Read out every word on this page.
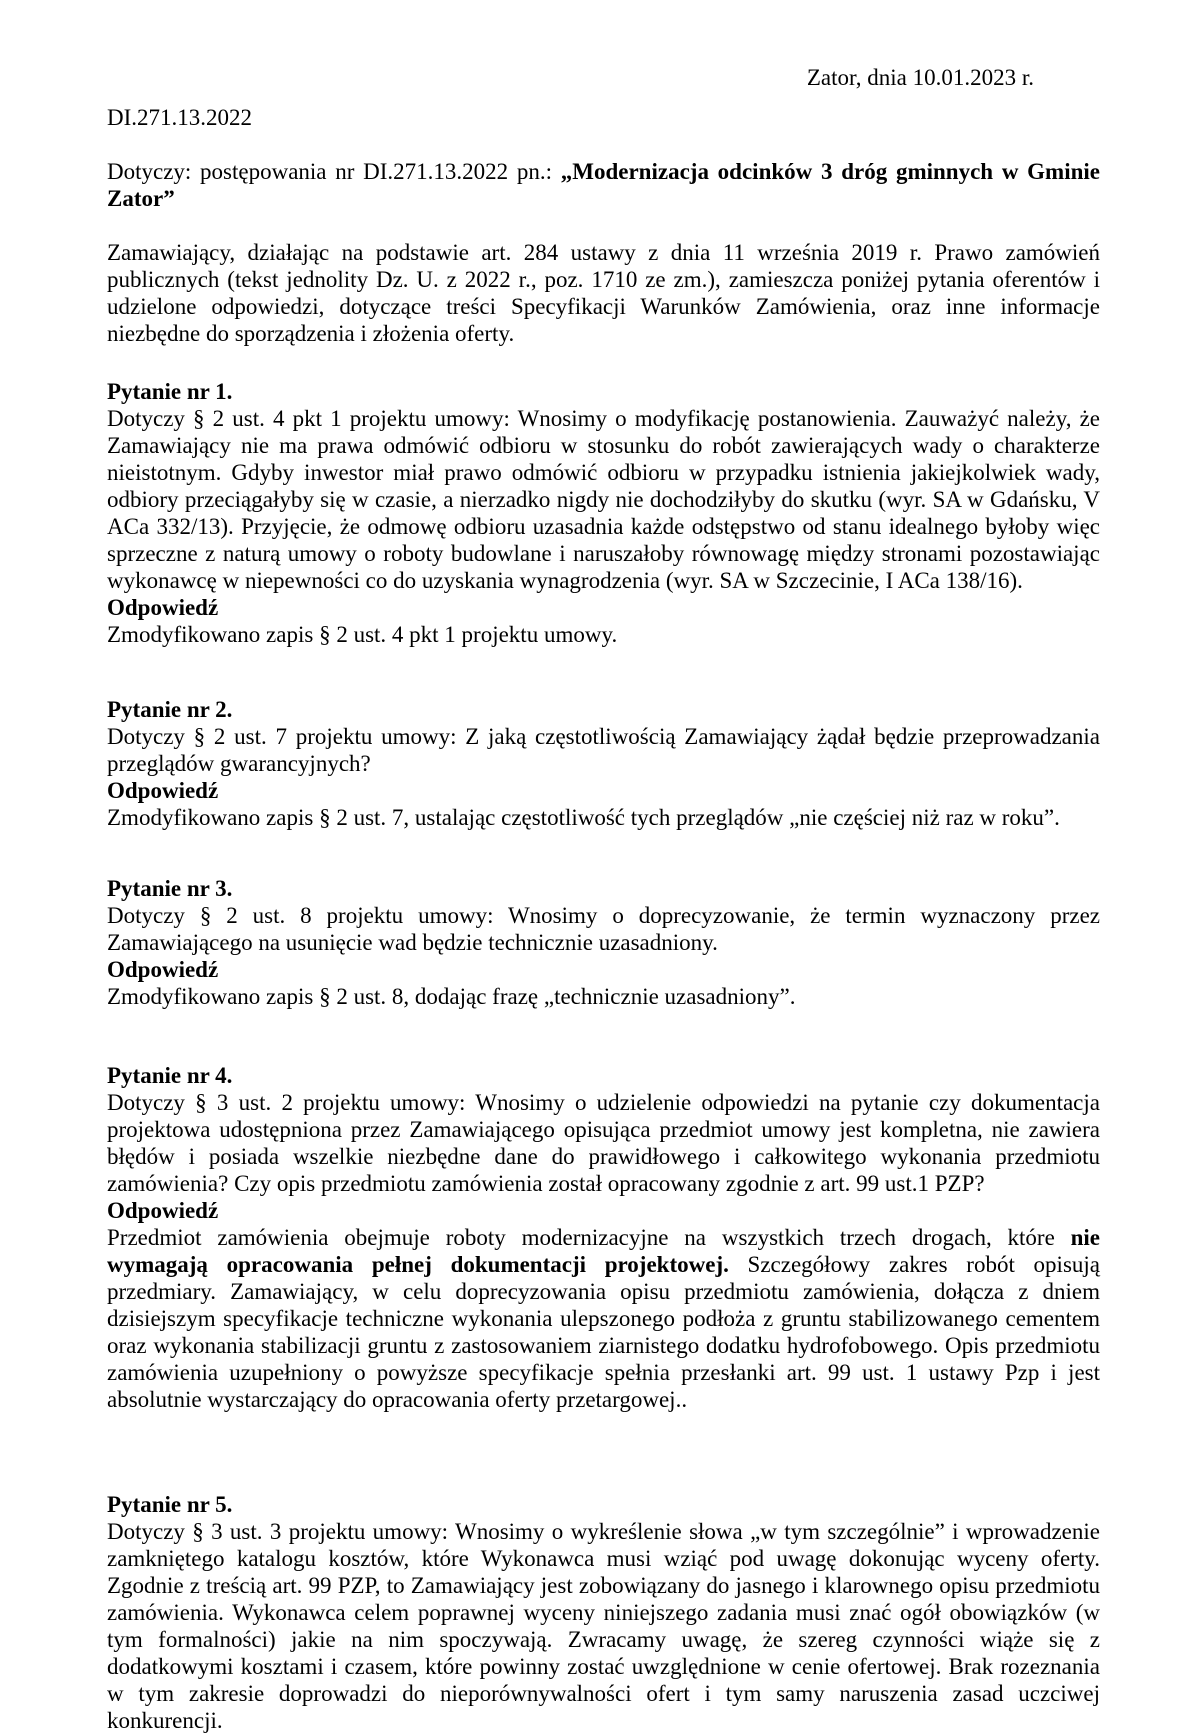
Zator, dnia 10.01.2023 r.

DI.271.13.2022

Dotyczy: postępowania nr DI.271.13.2022 pn.: „Modernizacja odcinków 3 dróg gminnych w Gminie Zator”

Zamawiający, działając na podstawie art. 284 ustawy z dnia 11 września 2019 r. Prawo zamówień publicznych (tekst jednolity Dz. U. z 2022 r., poz. 1710 ze zm.), zamieszcza poniżej pytania oferentów i udzielone odpowiedzi, dotyczące treści Specyfikacji Warunków Zamówienia, oraz inne informacje niezbędne do sporządzenia i złożenia oferty.

Pytanie nr 1.

Dotyczy § 2 ust. 4 pkt 1 projektu umowy: Wnosimy o modyfikację postanowienia. Zauważyć należy, że Zamawiający nie ma prawa odmówić odbioru w stosunku do robót zawierających wady o charakterze nieistotnym. Gdyby inwestor miał prawo odmówić odbioru w przypadku istnienia jakiejkolwiek wady, odbiory przeciągałyby się w czasie, a nierzadko nigdy nie dochodziłyby do skutku (wyr. SA w Gdańsku, V ACa 332/13). Przyjęcie, że odmowę odbioru uzasadnia każde odstępstwo od stanu idealnego byłoby więc sprzeczne z naturą umowy o roboty budowlane i naruszałoby równowagę między stronami pozostawiając wykonawcę w niepewności co do uzyskania wynagrodzenia (wyr. SA w Szczecinie, I ACa 138/16).

Odpowiedź

Zmodyfikowano zapis § 2 ust. 4 pkt 1 projektu umowy.

Pytanie nr 2.

Dotyczy § 2 ust. 7 projektu umowy: Z jaką częstotliwością Zamawiający żądał będzie przeprowadzania przeglądów gwarancyjnych?

Odpowiedź

Zmodyfikowano zapis § 2 ust. 7, ustalając częstotliwość tych przeglądów „nie częściej niż raz w roku”.

Pytanie nr 3.

Dotyczy § 2 ust. 8 projektu umowy: Wnosimy o doprecyzowanie, że termin wyznaczony przez Zamawiającego na usunięcie wad będzie technicznie uzasadniony.

Odpowiedź

Zmodyfikowano zapis § 2 ust. 8, dodając frazę „technicznie uzasadniony”.

Pytanie nr 4.

Dotyczy § 3 ust. 2 projektu umowy: Wnosimy o udzielenie odpowiedzi na pytanie czy dokumentacja projektowa udostępniona przez Zamawiającego opisująca przedmiot umowy jest kompletna, nie zawiera błędów i posiada wszelkie niezbędne dane do prawidłowego i całkowitego wykonania przedmiotu zamówienia? Czy opis przedmiotu zamówienia został opracowany zgodnie z art. 99 ust.1 PZP?

Odpowiedź

Przedmiot zamówienia obejmuje roboty modernizacyjne na wszystkich trzech drogach, które nie wymagają opracowania pełnej dokumentacji projektowej. Szczegółowy zakres robót opisują przedmiary. Zamawiający, w celu doprecyzowania opisu przedmiotu zamówienia, dołącza z dniem dzisiejszym specyfikacje techniczne wykonania ulepszonego podłoża z gruntu stabilizowanego cementem oraz wykonania stabilizacji gruntu z zastosowaniem ziarnistego dodatku hydrofobowego. Opis przedmiotu zamówienia uzupełniony o powyższe specyfikacje spełnia przesłanki art. 99 ust. 1 ustawy Pzp i jest absolutnie wystarczający do opracowania oferty przetargowej..

Pytanie nr 5.

Dotyczy § 3 ust. 3 projektu umowy: Wnosimy o wykreślenie słowa „w tym szczególnie” i wprowadzenie zamkniętego katalogu kosztów, które Wykonawca musi wziąć pod uwagę dokonując wyceny oferty. Zgodnie z treścią art. 99 PZP, to Zamawiający jest zobowiązany do jasnego i klarownego opisu przedmiotu zamówienia. Wykonawca celem poprawnej wyceny niniejszego zadania musi znać ogół obowiązków (w tym formalności) jakie na nim spoczywają. Zwracamy uwagę, że szereg czynności wiąże się z dodatkowymi kosztami i czasem, które powinny zostać uwzględnione w cenie ofertowej. Brak rozeznania w tym zakresie doprowadzi do nieporównywalności ofert i tym samy naruszenia zasad uczciwej konkurencji.
